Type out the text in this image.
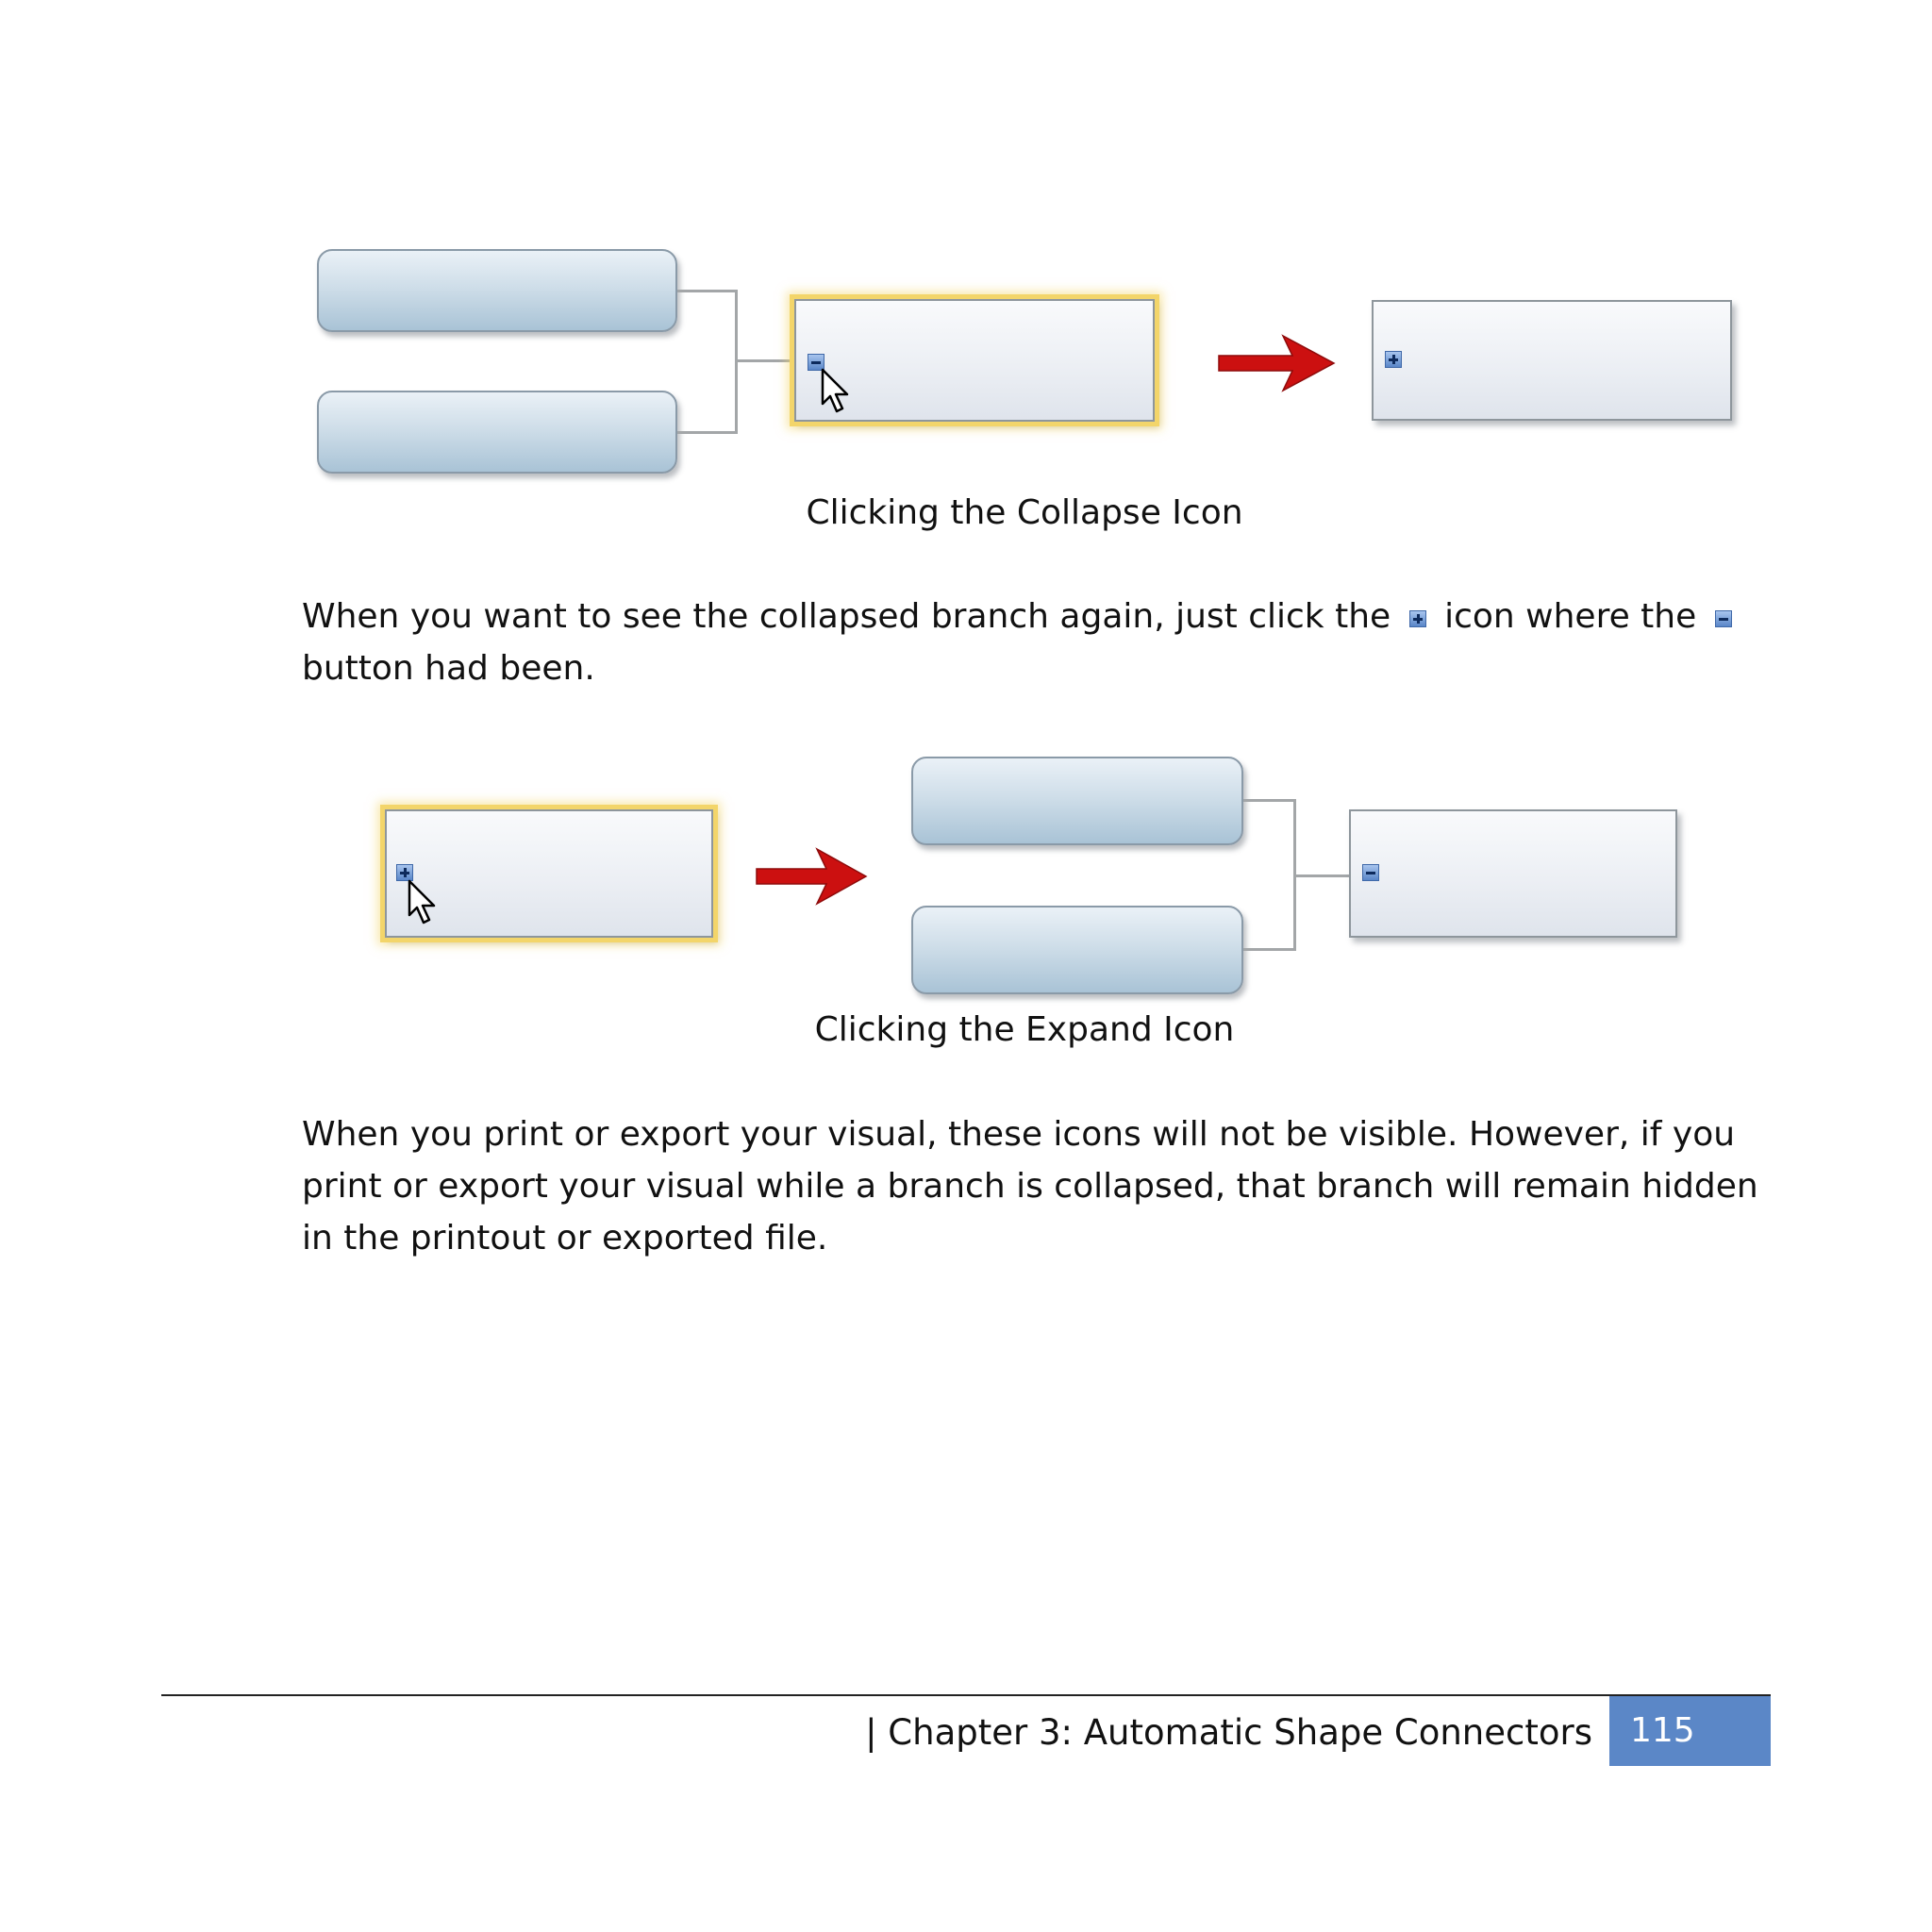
Clicking the Collapse Icon
When you want to see the collapsed branch again, just click the icon where the
button had been.
Clicking the Expand Icon
When you print or export your visual, these icons will not be visible. However, if you print or export your visual while a branch is collapsed, that branch will remain hidden in the printout or exported file.
| Chapter 3: Automatic Shape Connectors 115
